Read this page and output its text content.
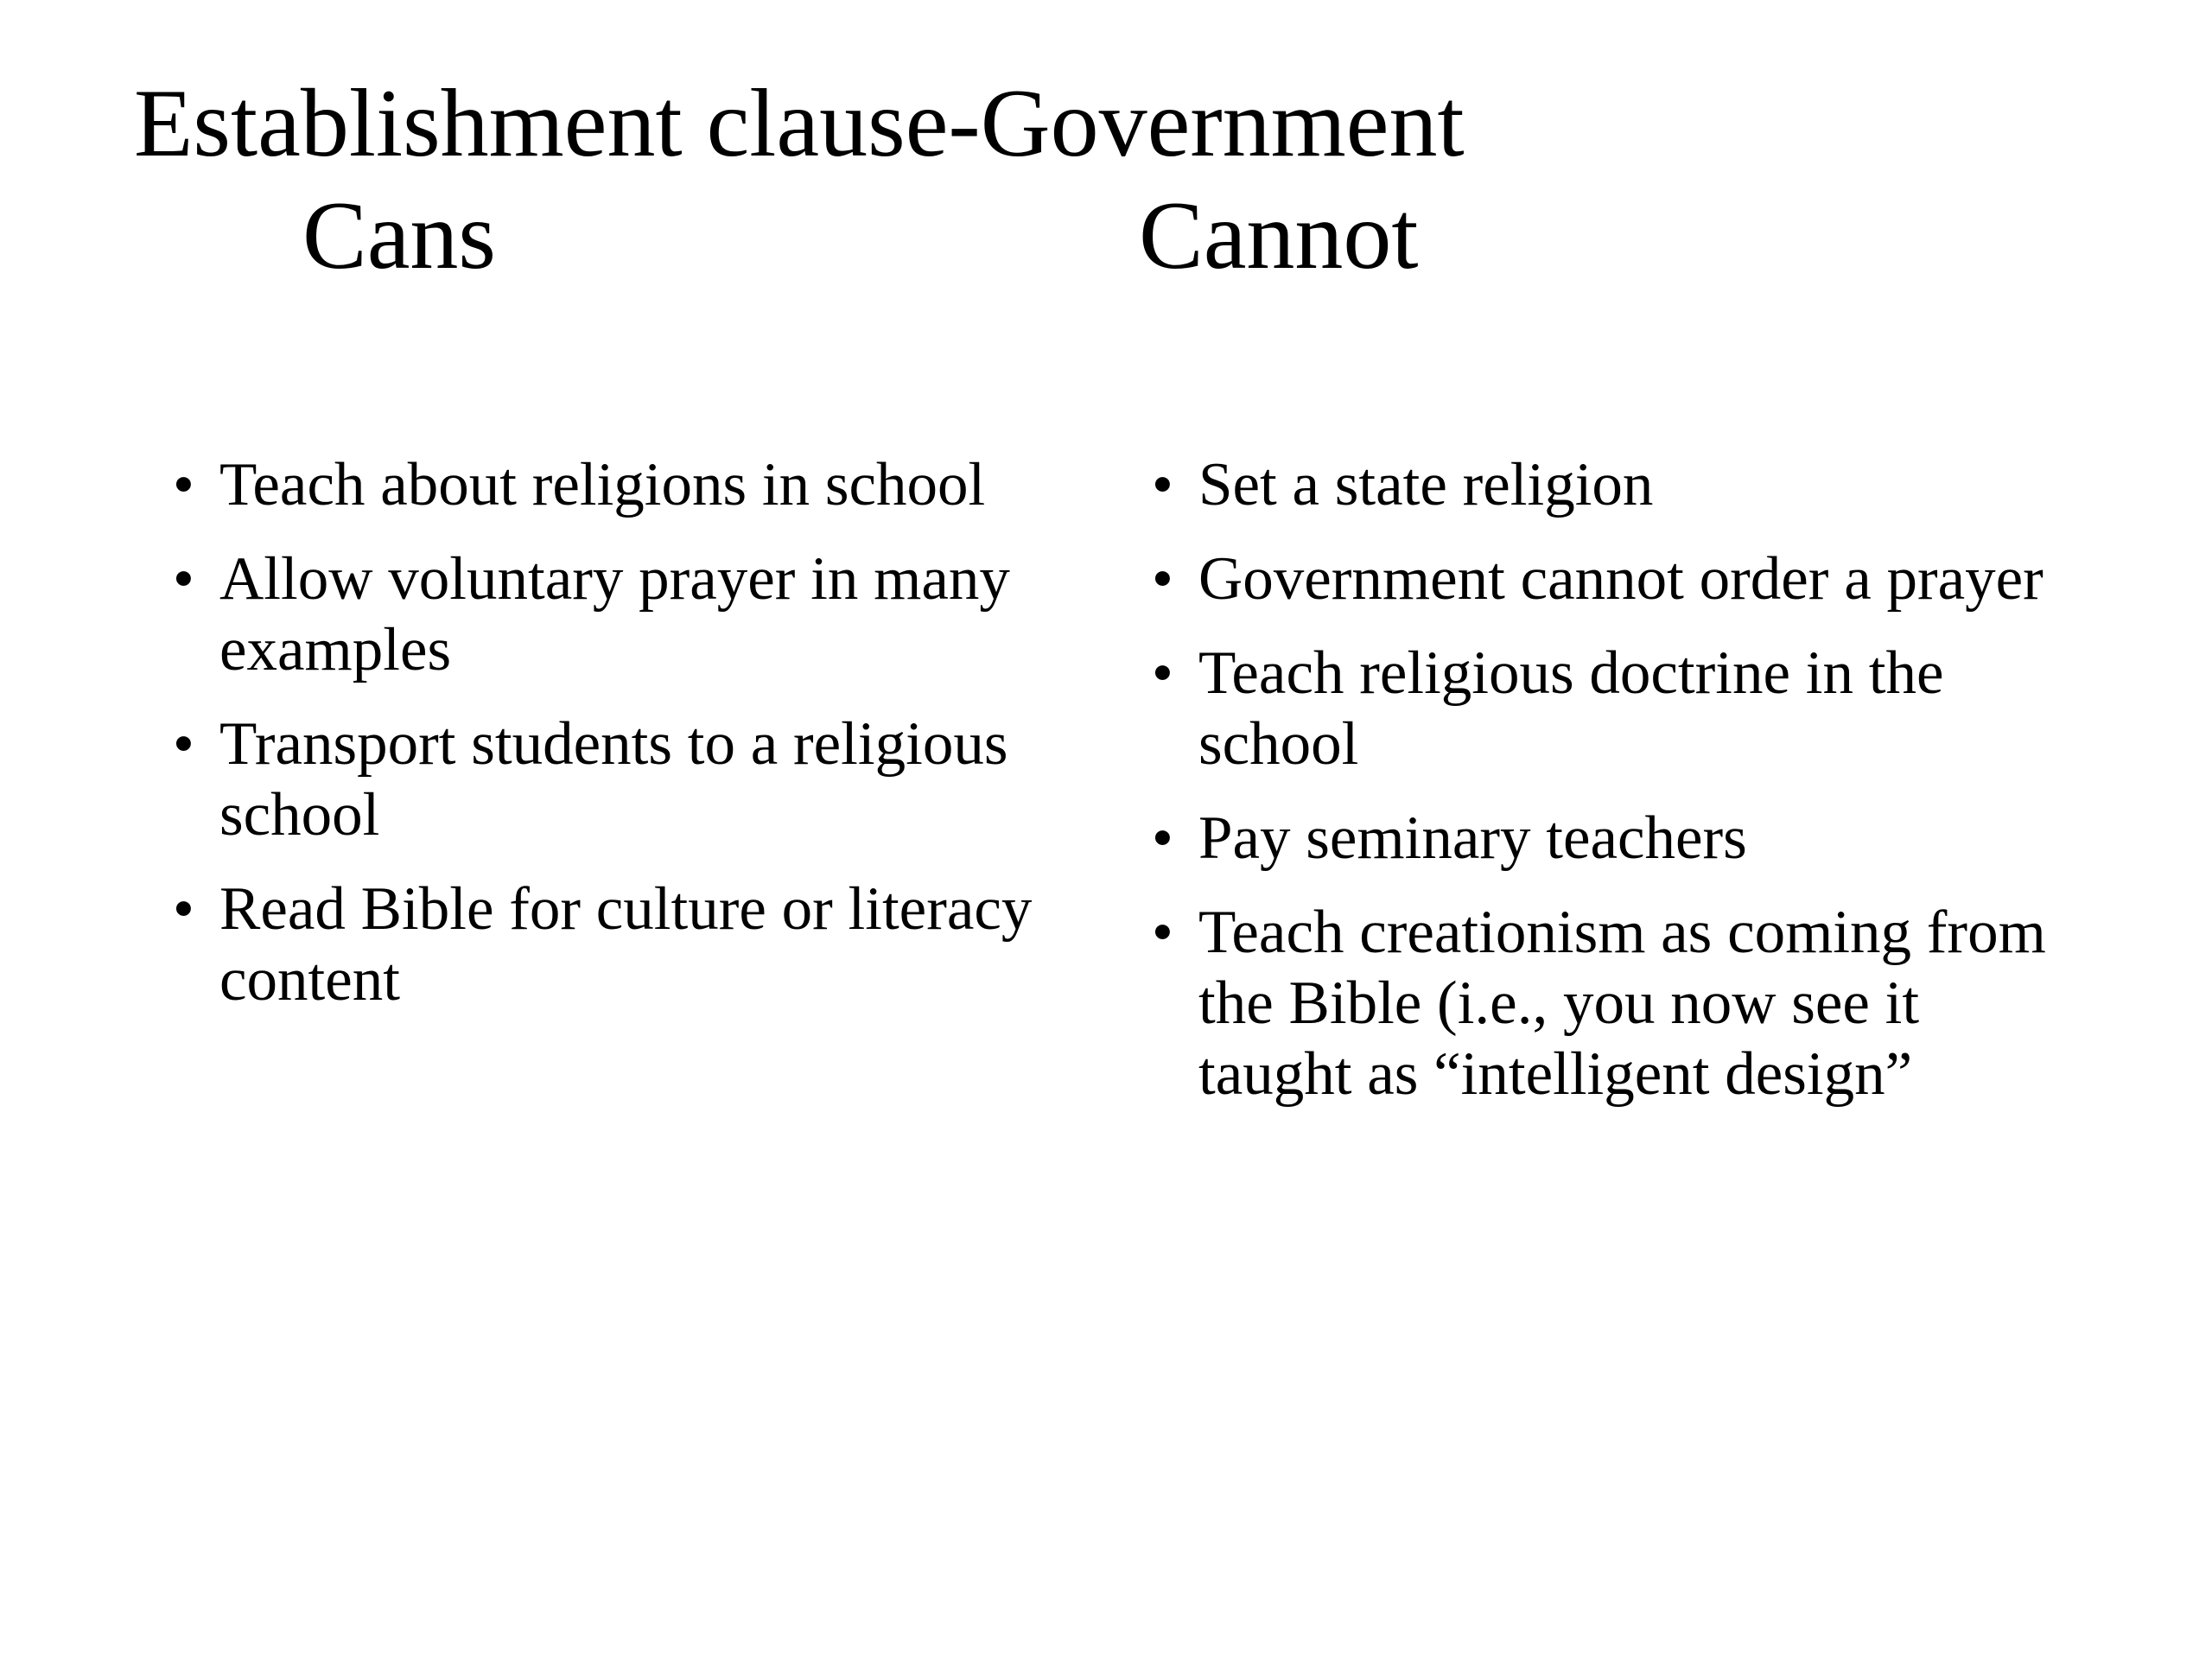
Establishment clause-Government
Cans	Cannot
• Teach about religions in school
• Allow voluntary prayer in many examples
• Transport students to a religious school
• Read Bible for culture or literacy content
• Set a state religion
• Government cannot order a prayer
• Teach religious doctrine in the school
• Pay seminary teachers
• Teach creationism as coming from the Bible (i.e., you now see it taught as “intelligent design”
